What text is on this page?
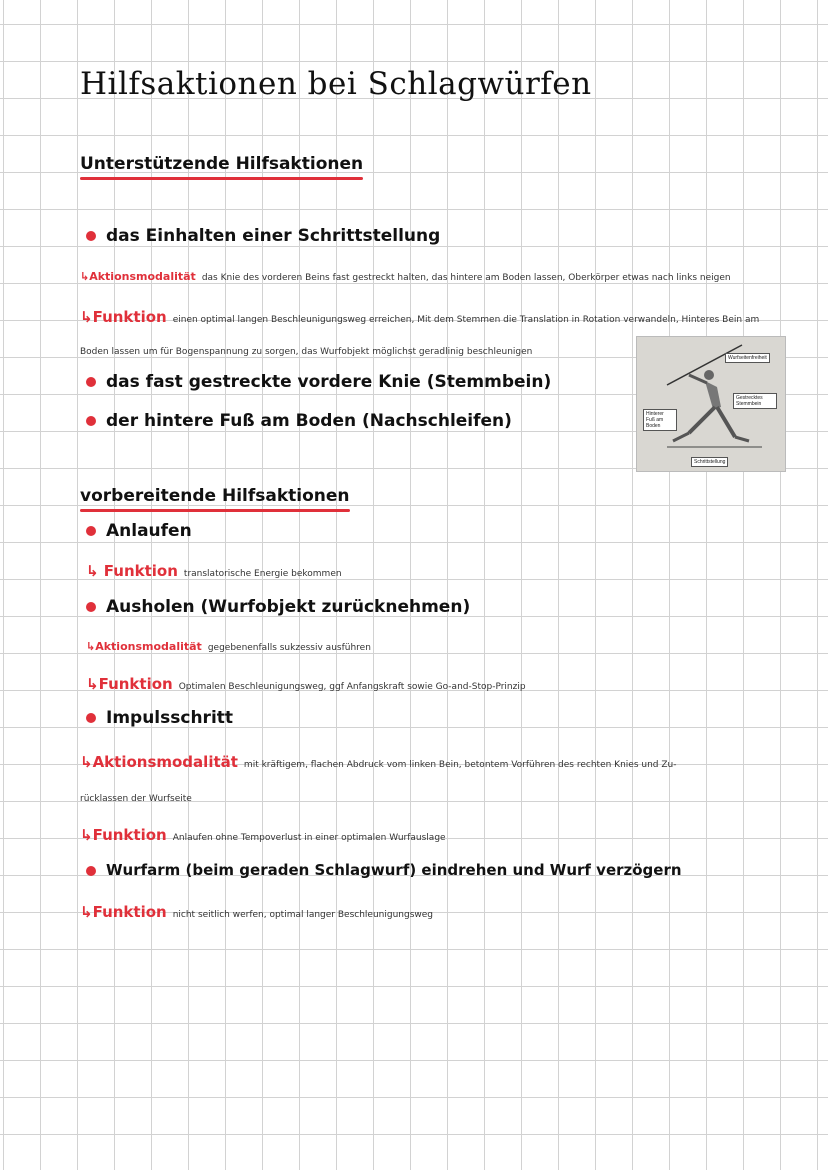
Hilfsaktionen bei Schlagwürfen
Unterstützende Hilfsaktionen
das Einhalten einer Schrittstellung
↳Aktionsmodalität das Knie des vorderen Beins fast gestreckt halten, das hintere am Boden lassen, Oberkörper etwas nach links neigen
↳Funktion einen optimal langen Beschleunigungsweg erreichen, Mit dem Stemmen die Translation in Rotation verwandeln, Hinteres Bein am
Boden lassen um für Bogenspannung zu sorgen, das Wurfobjekt möglichst geradlinig beschleunigen
das fast gestreckte vordere Knie (Stemmbein)
der hintere Fuß am Boden (Nachschleifen)
Wurfseitenfreiheit
Gestrecktes Stemmbein
Hinterer Fuß am Boden
Schrittstellung
vorbereitende Hilfsaktionen
Anlaufen
↳ Funktion translatorische Energie bekommen
Ausholen (Wurfobjekt zurücknehmen)
↳Aktionsmodalität gegebenenfalls sukzessiv ausführen
↳Funktion Optimalen Beschleunigungsweg, ggf Anfangskraft sowie Go-and-Stop-Prinzip
Impulsschritt
↳Aktionsmodalität mit kräftigem, flachen Abdruck vom linken Bein, betontem Vorführen des rechten Knies und Zu-
rücklassen der Wurfseite
↳Funktion Anlaufen ohne Tempoverlust in einer optimalen Wurfauslage
Wurfarm (beim geraden Schlagwurf) eindrehen und Wurf verzögern
↳Funktion nicht seitlich werfen, optimal langer Beschleunigungsweg
